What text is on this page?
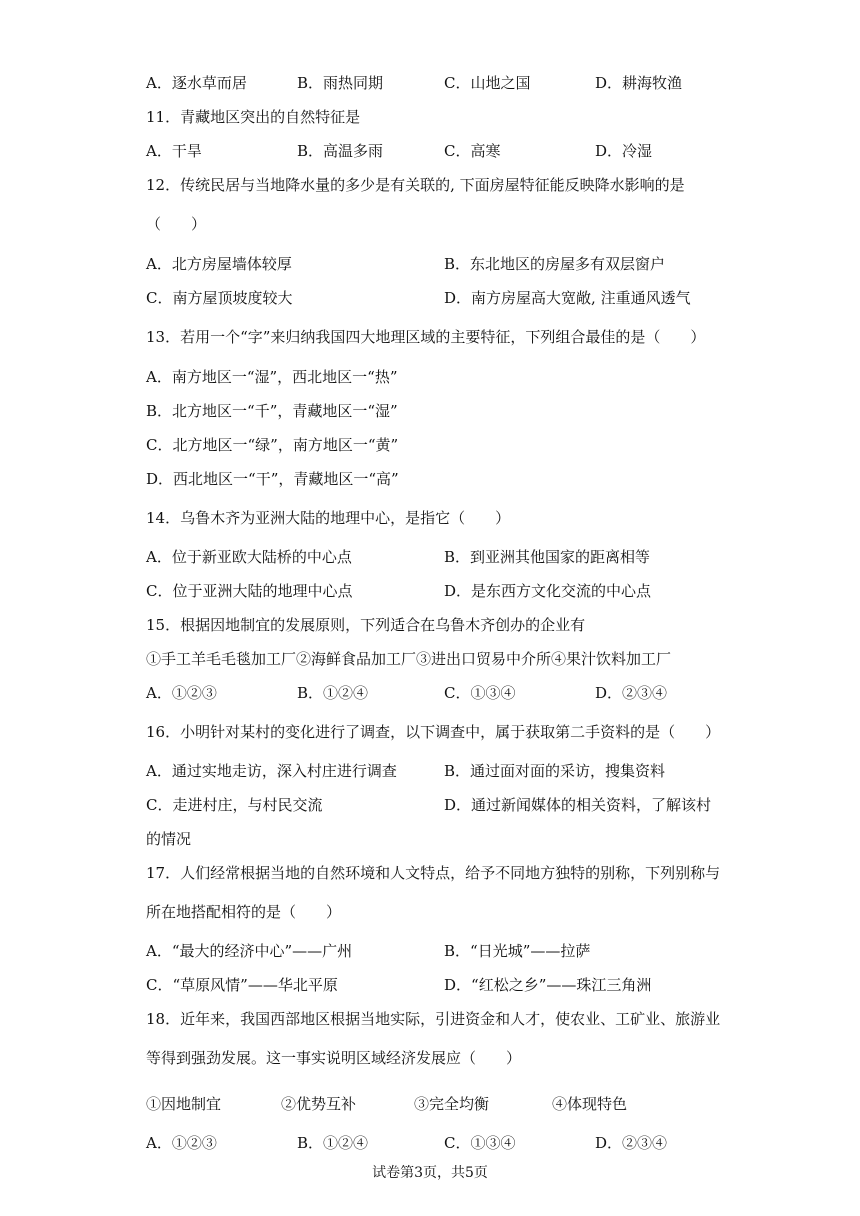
A．逐水草而居	B．雨热同期	C．山地之国	D．耕海牧渔
11．青藏地区突出的自然特征是
A．干旱	B．高温多雨	C．高寒	D．冷湿
12．传统民居与当地降水量的多少是有关联的, 下面房屋特征能反映降水影响的是
（　　）
A．北方房屋墙体较厚	B．东北地区的房屋多有双层窗户
C．南方屋顶坡度较大	D．南方房屋高大宽敞, 注重通风透气
13．若用一个“字”来归纳我国四大地理区域的主要特征，下列组合最佳的是（　　）
A．南方地区一“湿”，西北地区一“热”
B．北方地区一“千”，青藏地区一“湿”
C．北方地区一“绿”，南方地区一“黄”
D．西北地区一“干”，青藏地区一“高”
14．乌鲁木齐为亚洲大陆的地理中心，是指它（　　）
A．位于新亚欧大陆桥的中心点	B．到亚洲其他国家的距离相等
C．位于亚洲大陆的地理中心点	D．是东西方文化交流的中心点
15．根据因地制宜的发展原则，下列适合在乌鲁木齐创办的企业有
①手工羊毛毛毯加工厂②海鲜食品加工厂③进出口贸易中介所④果汁饮料加工厂
A．①②③	B．①②④	C．①③④	D．②③④
16．小明针对某村的变化进行了调查，以下调查中，属于获取第二手资料的是（　　）
A．通过实地走访，深入村庄进行调查	B．通过面对面的采访，搜集资料
C．走进村庄，与村民交流	D．通过新闻媒体的相关资料，了解该村
的情况
17．人们经常根据当地的自然环境和人文特点，给予不同地方独特的别称，下列别称与
所在地搭配相符的是（　　）
A．“最大的经济中心”——广州	B．“日光城”——拉萨
C．“草原风情”——华北平原	D．“红松之乡”——珠江三角洲
18．近年来，我国西部地区根据当地实际，引进资金和人才，使农业、工矿业、旅游业
等得到强劲发展。这一事实说明区域经济发展应（　　）
①因地制宜	②优势互补	③完全均衡	④体现特色
A．①②③	B．①②④	C．①③④	D．②③④
试卷第3页，共5页
